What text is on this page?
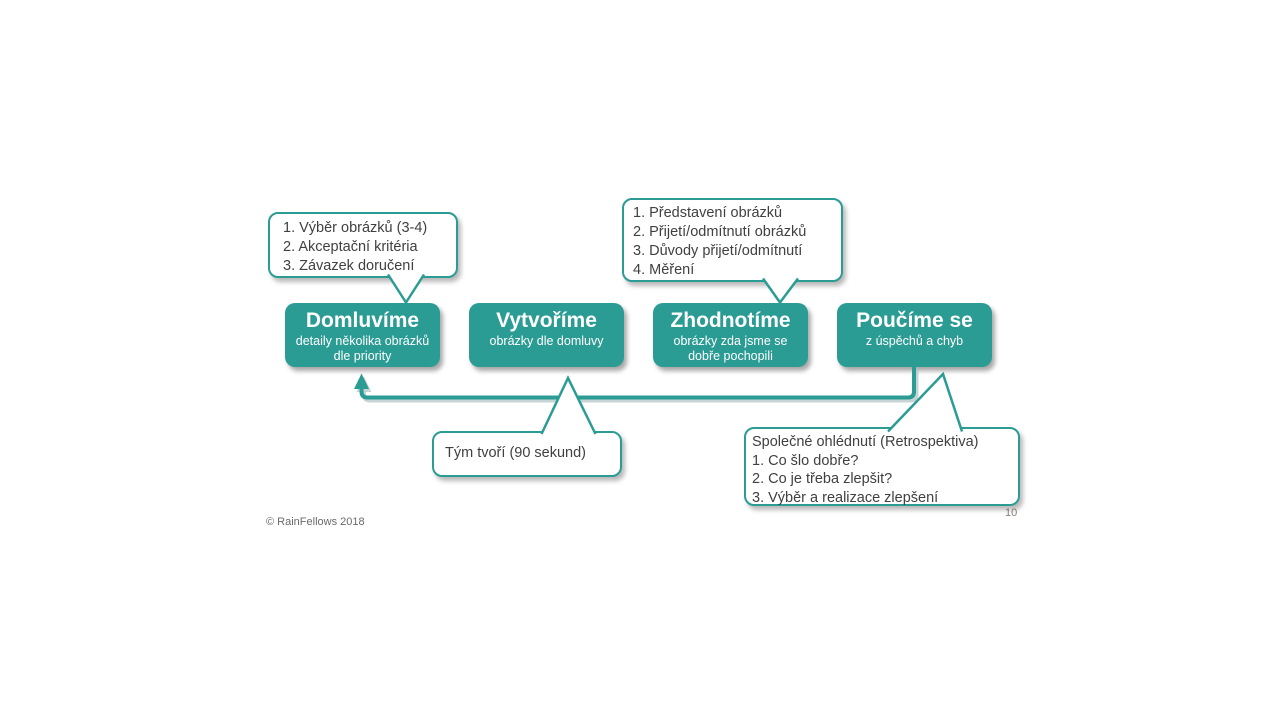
1. Výběr obrázků (3-4)
2. Akceptační kritéria
3. Závazek doručení
1. Představení obrázků
2. Přijetí/odmítnutí obrázků
3. Důvody přijetí/odmítnutí
4. Měření
Domluvíme
detaily několika obrázků dle priority
Vytvoříme
obrázky dle domluvy
Zhodnotíme
obrázky zda jsme se dobře pochopili
Poučíme se
z úspěchů a chyb
Tým tvoří (90 sekund)
Společné ohlédnutí (Retrospektiva)
1. Co šlo dobře?
2. Co je třeba zlepšit?
3. Výběr a realizace zlepšení
© RainFellows 2018
10
